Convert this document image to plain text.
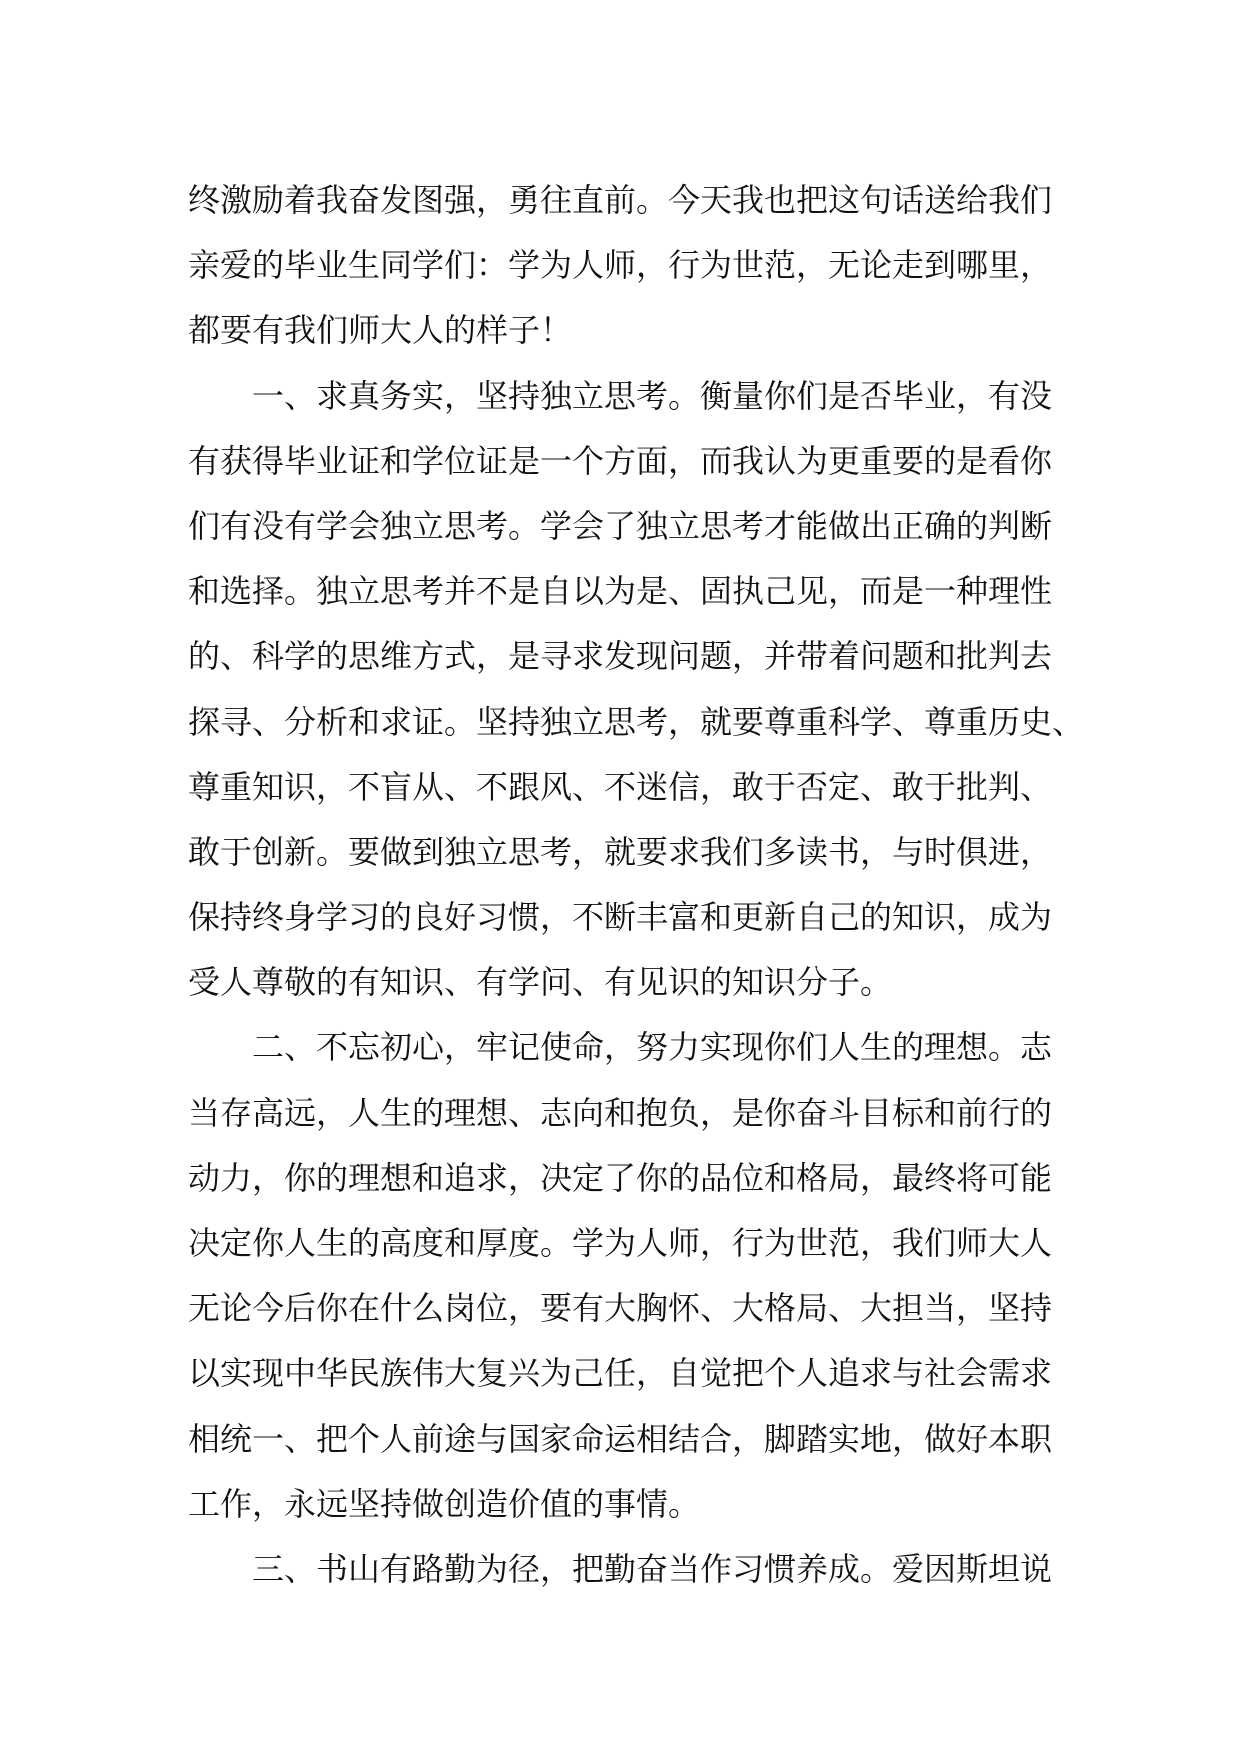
终激励着我奋发图强，勇往直前。今天我也把这句话送给我们
亲爱的毕业生同学们：学为人师，行为世范，无论走到哪里，
都要有我们师大人的样子！
一、求真务实，坚持独立思考。衡量你们是否毕业，有没
有获得毕业证和学位证是一个方面，而我认为更重要的是看你
们有没有学会独立思考。学会了独立思考才能做出正确的判断
和选择。独立思考并不是自以为是、固执己见，而是一种理性
的、科学的思维方式，是寻求发现问题，并带着问题和批判去
探寻、分析和求证。坚持独立思考，就要尊重科学、尊重历史、
尊重知识，不盲从、不跟风、不迷信，敢于否定、敢于批判、
敢于创新。要做到独立思考，就要求我们多读书，与时俱进，
保持终身学习的良好习惯，不断丰富和更新自己的知识，成为
受人尊敬的有知识、有学问、有见识的知识分子。
二、不忘初心，牢记使命，努力实现你们人生的理想。志
当存高远，人生的理想、志向和抱负，是你奋斗目标和前行的
动力，你的理想和追求，决定了你的品位和格局，最终将可能
决定你人生的高度和厚度。学为人师，行为世范，我们师大人
无论今后你在什么岗位，要有大胸怀、大格局、大担当，坚持
以实现中华民族伟大复兴为己任，自觉把个人追求与社会需求
相统一、把个人前途与国家命运相结合，脚踏实地，做好本职
工作，永远坚持做创造价值的事情。
三、书山有路勤为径，把勤奋当作习惯养成。爱因斯坦说
